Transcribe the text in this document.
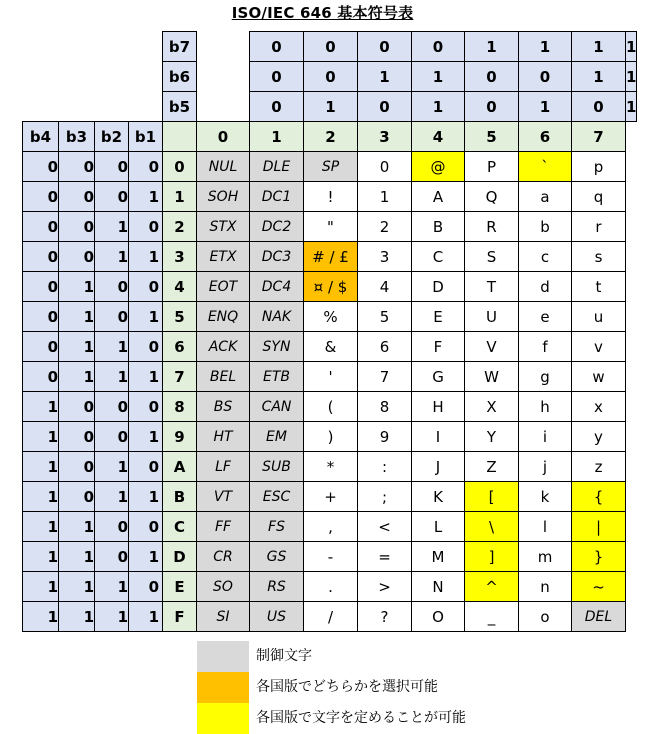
ISO/IEC 646 基本符号表
b7	0	0	0	0	1	1	1	1
b6	0	0	1	1	0	0	1	1
b5	0	1	0	1	0	1	0	1
b4 b3 b2 b1	0	1	2	3	4	5	6	7
0	0	0	0	0	NUL	DLE	SP	0	@	P	`	p
0	0	0	1	1	SOH	DC1	!	1	A	Q	a	q
0	0	1	0	2	STX	DC2	"	2	B	R	b	r
0	0	1	1	3	ETX	DC3	# / £	3	C	S	c	s
0	1	0	0	4	EOT	DC4	¤ / $	4	D	T	d	t
0	1	0	1	5	ENQ	NAK	%	5	E	U	e	u
0	1	1	0	6	ACK	SYN	&	6	F	V	f	v
0	1	1	1	7	BEL	ETB	'	7	G	W	g	w
1	0	0	0	8	BS	CAN	(	8	H	X	h	x
1	0	0	1	9	HT	EM	)	9	I	Y	i	y
1	0	1	0 A	LF	SUB	*	:	J	Z	j	z
1	0	1	1 B	VT	ESC	+	;	K	[	k	{
1	1	0	0 C	FF	FS	,	<	L	\	l	|
1	1	0	1 D	CR	GS	-	=	M	]	m	}
1	1	1	0	E	SO	RS	.	>	N	^	n	~
1	1	1	1	F	SI	US	/	?	O	_	o	DEL
制御文字
各国版でどちらかを選択可能
各国版で文字を定めることが可能
